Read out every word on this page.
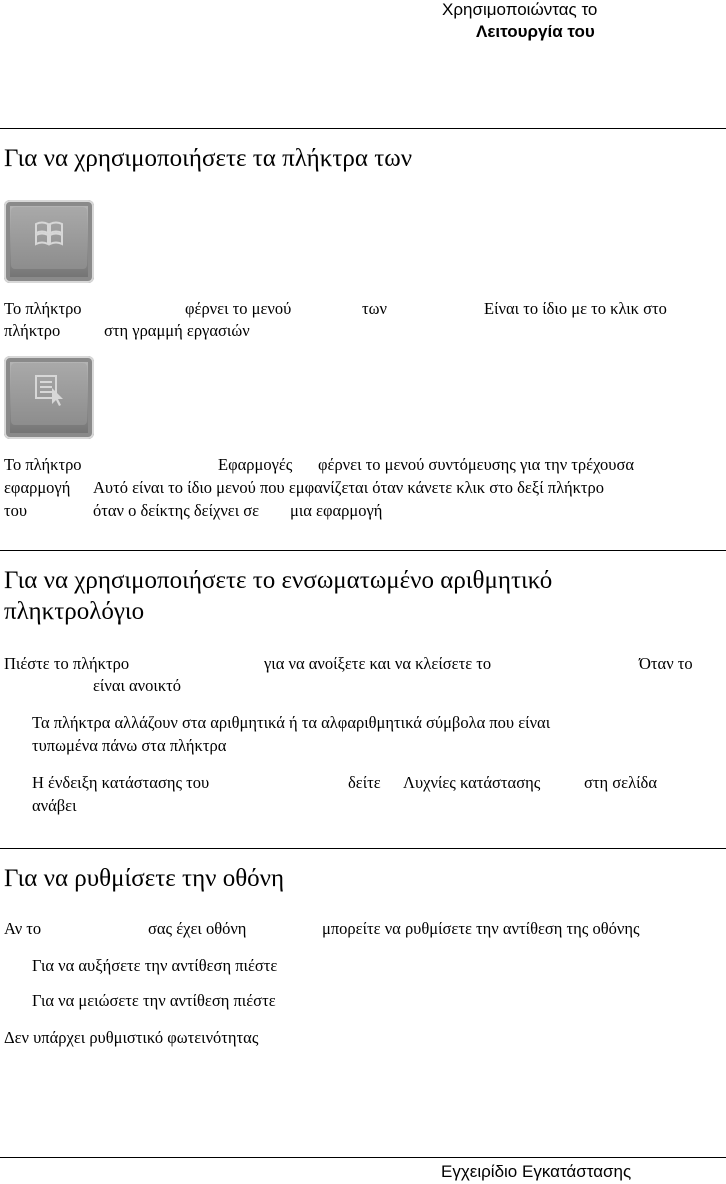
Χρησιμοποιώντας το
Λειτουργία του
Για να χρησιμοποιήσετε τα πλήκτρα των
Το πλήκτρο	φέρνει το μενού	των	Είναι το ίδιο με το κλικ στο
πλήκτρο	στη γραμμή εργασιών
Το πλήκτρο	Εφαρμογές φέρνει το μενού συντόμευσης για την τρέχουσα
εφαρμογή Αυτό είναι το ίδιο μενού που εμφανίζεται όταν κάνετε κλικ στο δεξί πλήκτρο
του	όταν ο δείκτης δείχνει σε μια εφαρμογή
Για να χρησιμοποιήσετε το ενσωματωμένο αριθμητικό
πληκτρολόγιο
Πιέστε το πλήκτρο	για να ανοίξετε και να κλείσετε το	Όταν το
είναι ανοικτό
Τα πλήκτρα αλλάζουν στα αριθμητικά ή τα αλφαριθμητικά σύμβολα που είναι
τυπωμένα πάνω στα πλήκτρα
Η ένδειξη κατάστασης του	δείτε Λυχνίες κατάστασης	στη σελίδα
ανάβει
Για να ρυθμίσετε την οθόνη
Αν το	σας έχει οθόνη	μπορείτε να ρυθμίσετε την αντίθεση της οθόνης
Για να αυξήσετε την αντίθεση πιέστε
Για να μειώσετε την αντίθεση πιέστε
Δεν υπάρχει ρυθμιστικό φωτεινότητας
Εγχειρίδιο Εγκατάστασης
